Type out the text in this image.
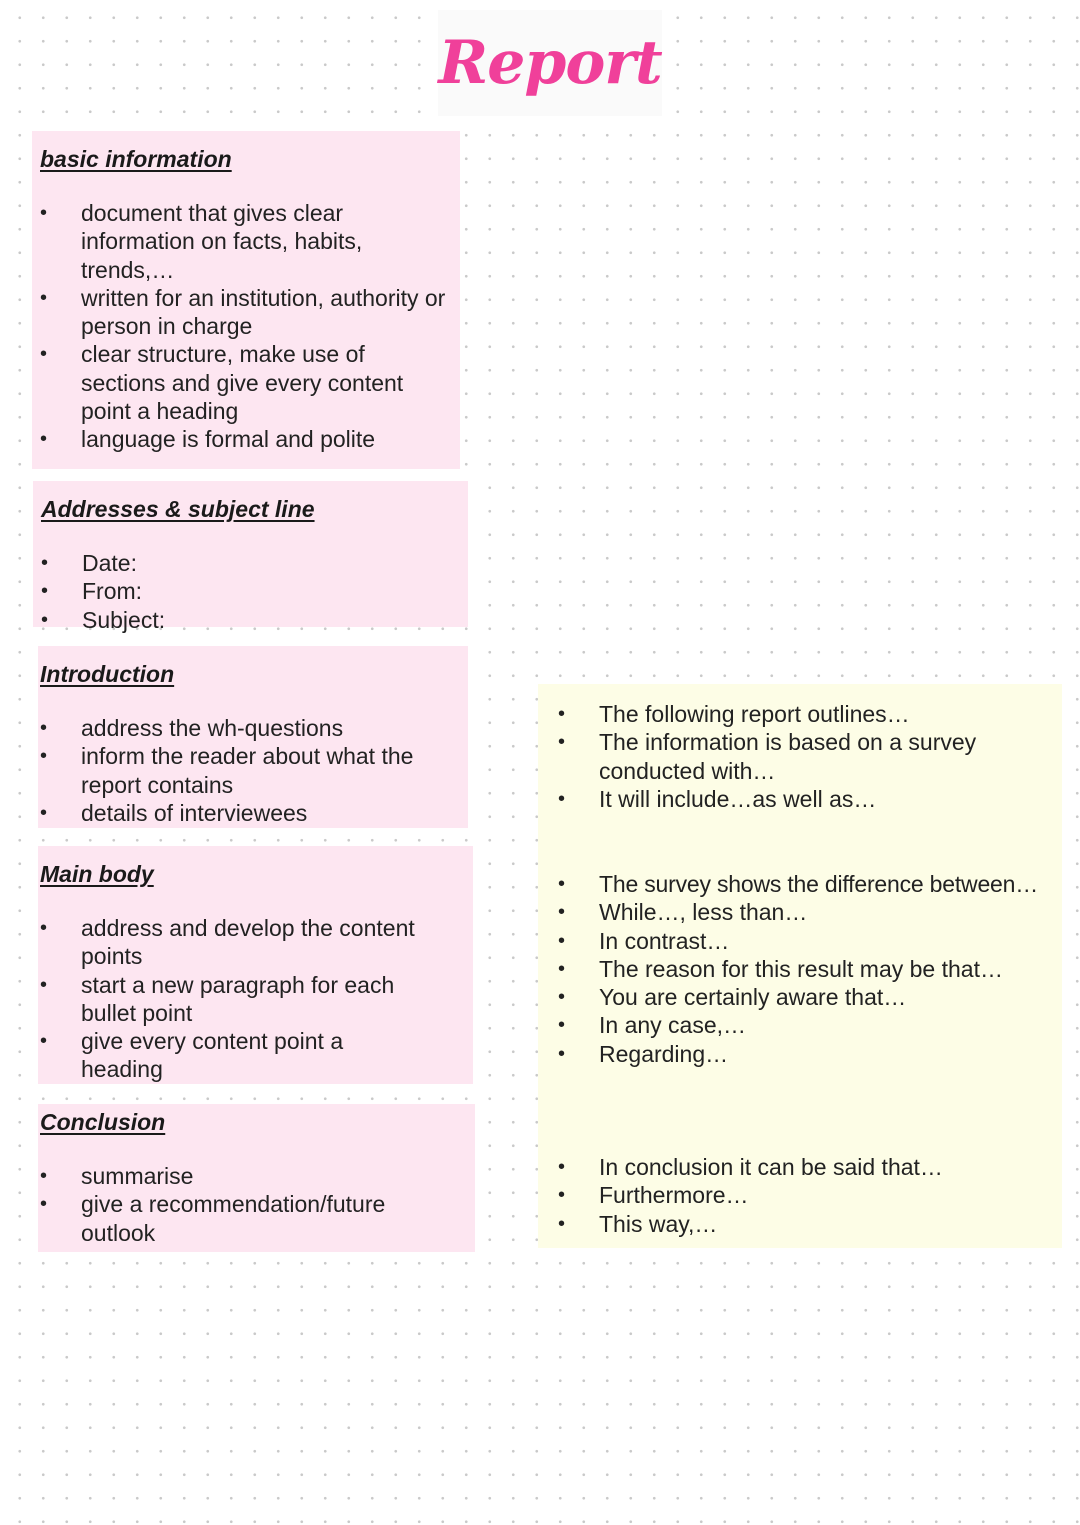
Report
basic information
• document that gives clear information on facts, habits, trends,…
• written for an institution, authority or person in charge
• clear structure, make use of sections and give every content point a heading
• language is formal and polite
Addresses & subject line
• Date:
• From:
• Subject:
Introduction
• address the wh-questions
• inform the reader about what the report contains
• details of interviewees
Main body
• address and develop the content points
• start a new paragraph for each bullet point
• give every content point a heading
Conclusion
• summarise
• give a recommendation/future outlook
• The following report outlines…
• The information is based on a survey conducted with…
• It will include…as well as…
• The survey shows the difference between…
• While…, less than…
• In contrast…
• The reason for this result may be that…
• You are certainly aware that…
• In any case,…
• Regarding…
• In conclusion it can be said that…
• Furthermore…
• This way,…
